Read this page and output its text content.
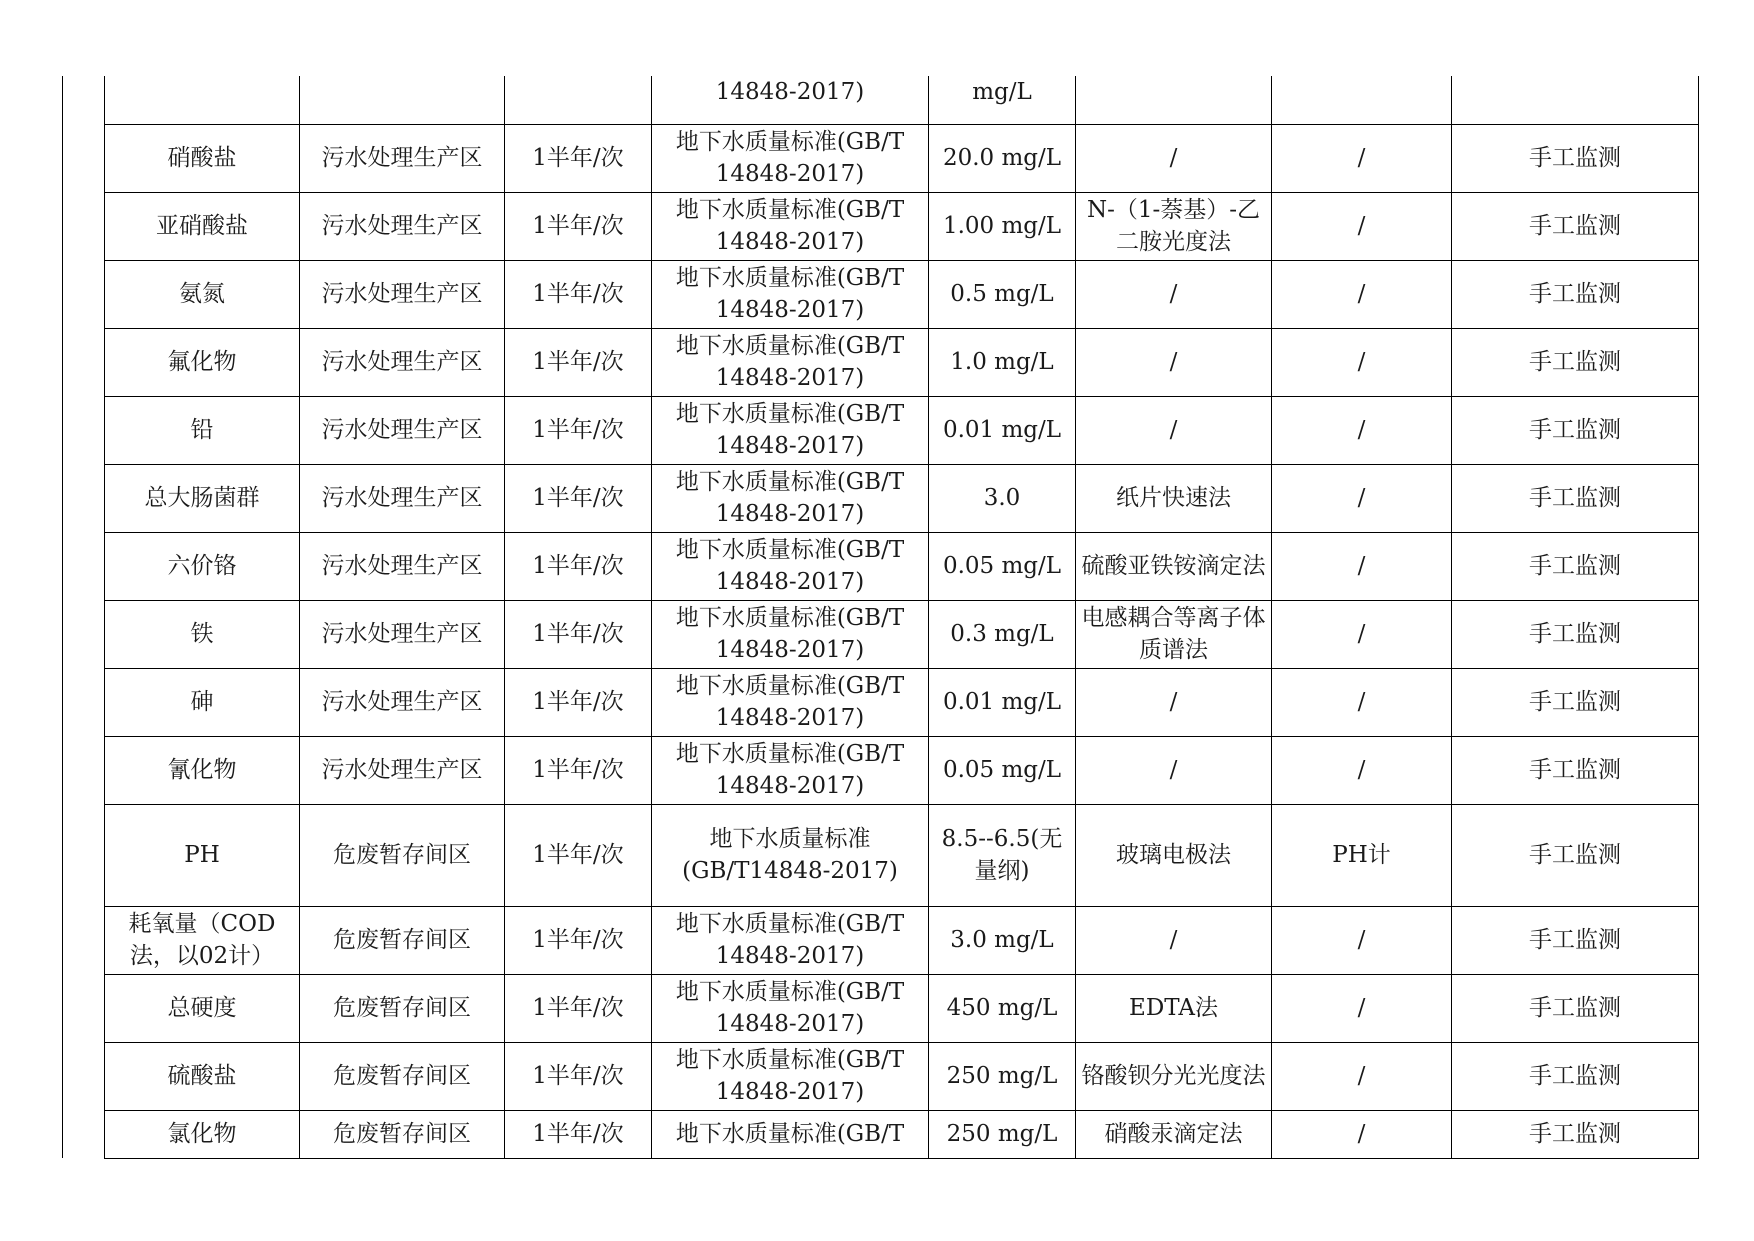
				14848-2017)	mg/L			
	硝酸盐	污水处理生产区	1半年/次	地下水质量标准(GB/T
14848-2017)	20.0 mg/L	/	/	手工监测
	亚硝酸盐	污水处理生产区	1半年/次	地下水质量标准(GB/T
14848-2017)	1.00 mg/L	N-（1-萘基）-乙二胺光度法	/	手工监测
	氨氮	污水处理生产区	1半年/次	地下水质量标准(GB/T
14848-2017)	0.5 mg/L	/	/	手工监测
	氟化物	污水处理生产区	1半年/次	地下水质量标准(GB/T
14848-2017)	1.0 mg/L	/	/	手工监测
	铅	污水处理生产区	1半年/次	地下水质量标准(GB/T
14848-2017)	0.01 mg/L	/	/	手工监测
	总大肠菌群	污水处理生产区	1半年/次	地下水质量标准(GB/T
14848-2017)	3.0	纸片快速法	/	手工监测
	六价铬	污水处理生产区	1半年/次	地下水质量标准(GB/T
14848-2017)	0.05 mg/L	硫酸亚铁铵滴定法	/	手工监测
	铁	污水处理生产区	1半年/次	地下水质量标准(GB/T
14848-2017)	0.3 mg/L	电感耦合等离子体质谱法	/	手工监测
	砷	污水处理生产区	1半年/次	地下水质量标准(GB/T
14848-2017)	0.01 mg/L	/	/	手工监测
	氰化物	污水处理生产区	1半年/次	地下水质量标准(GB/T
14848-2017)	0.05 mg/L	/	/	手工监测
	PH	危废暂存间区	1半年/次	地下水质量标准
(GB/T14848-2017)	8.5--6.5(无量纲)	玻璃电极法	PH计	手工监测
	耗氧量（COD法，以02计）	危废暂存间区	1半年/次	地下水质量标准(GB/T
14848-2017)	3.0 mg/L	/	/	手工监测
	总硬度	危废暂存间区	1半年/次	地下水质量标准(GB/T
14848-2017)	450 mg/L	EDTA法	/	手工监测
	硫酸盐	危废暂存间区	1半年/次	地下水质量标准(GB/T
14848-2017)	250 mg/L	铬酸钡分光光度法	/	手工监测
	氯化物	危废暂存间区	1半年/次	地下水质量标准(GB/T	250 mg/L	硝酸汞滴定法	/	手工监测
